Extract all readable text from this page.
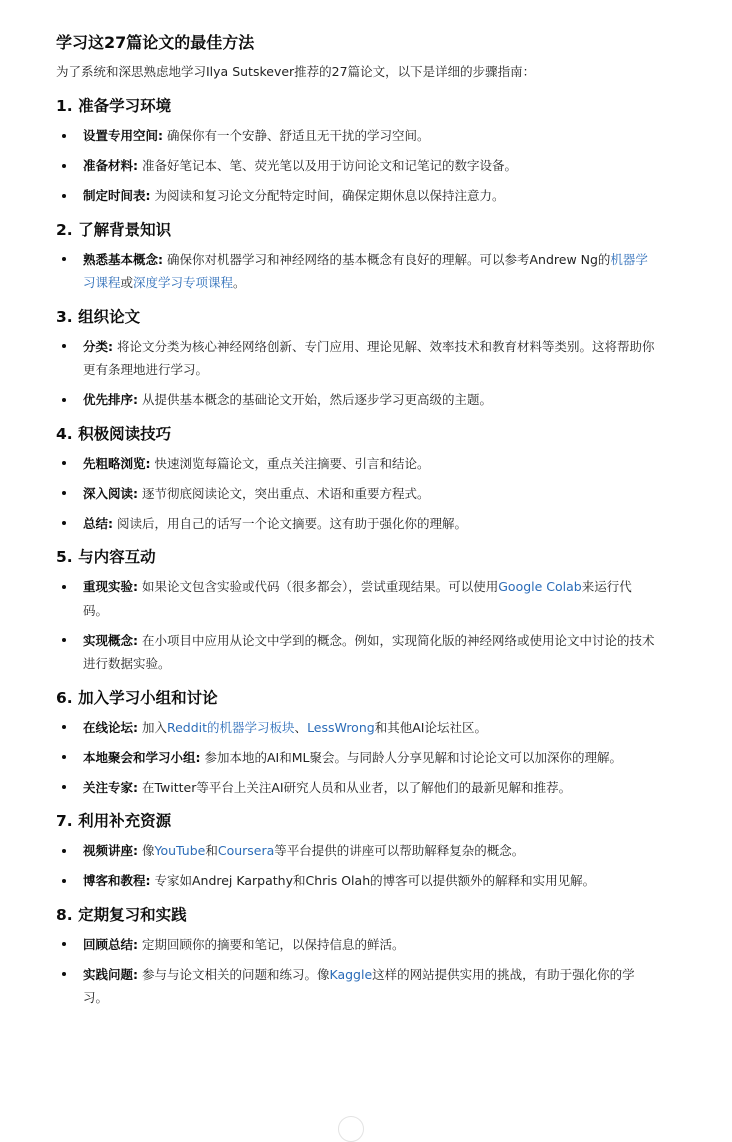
学习这27篇论文的最佳方法
为了系统和深思熟虑地学习Ilya Sutskever推荐的27篇论文，以下是详细的步骤指南：
1. 准备学习环境
设置专用空间: 确保你有一个安静、舒适且无干扰的学习空间。
准备材料: 准备好笔记本、笔、荧光笔以及用于访问论文和记笔记的数字设备。
制定时间表: 为阅读和复习论文分配特定时间，确保定期休息以保持注意力。
2. 了解背景知识
熟悉基本概念: 确保你对机器学习和神经网络的基本概念有良好的理解。可以参考Andrew Ng的机器学习课程或深度学习专项课程。
3. 组织论文
分类: 将论文分类为核心神经网络创新、专门应用、理论见解、效率技术和教育材料等类别。这将帮助你更有条理地进行学习。
优先排序: 从提供基本概念的基础论文开始，然后逐步学习更高级的主题。
4. 积极阅读技巧
先粗略浏览: 快速浏览每篇论文，重点关注摘要、引言和结论。
深入阅读: 逐节彻底阅读论文，突出重点、术语和重要方程式。
总结: 阅读后，用自己的话写一个论文摘要。这有助于强化你的理解。
5. 与内容互动
重现实验: 如果论文包含实验或代码（很多都会），尝试重现结果。可以使用Google Colab来运行代码。
实现概念: 在小项目中应用从论文中学到的概念。例如，实现简化版的神经网络或使用论文中讨论的技术进行数据实验。
6. 加入学习小组和讨论
在线论坛: 加入Reddit的机器学习板块、LessWrong和其他AI论坛社区。
本地聚会和学习小组: 参加本地的AI和ML聚会。与同龄人分享见解和讨论论文可以加深你的理解。
关注专家: 在Twitter等平台上关注AI研究人员和从业者，以了解他们的最新见解和推荐。
7. 利用补充资源
视频讲座: 像YouTube和Coursera等平台提供的讲座可以帮助解释复杂的概念。
博客和教程: 专家如Andrej Karpathy和Chris Olah的博客可以提供额外的解释和实用见解。
8. 定期复习和实践
回顾总结: 定期回顾你的摘要和笔记，以保持信息的鲜活。
实践问题: 参与与论文相关的问题和练习。像Kaggle这样的网站提供实用的挑战，有助于强化你的学习。
